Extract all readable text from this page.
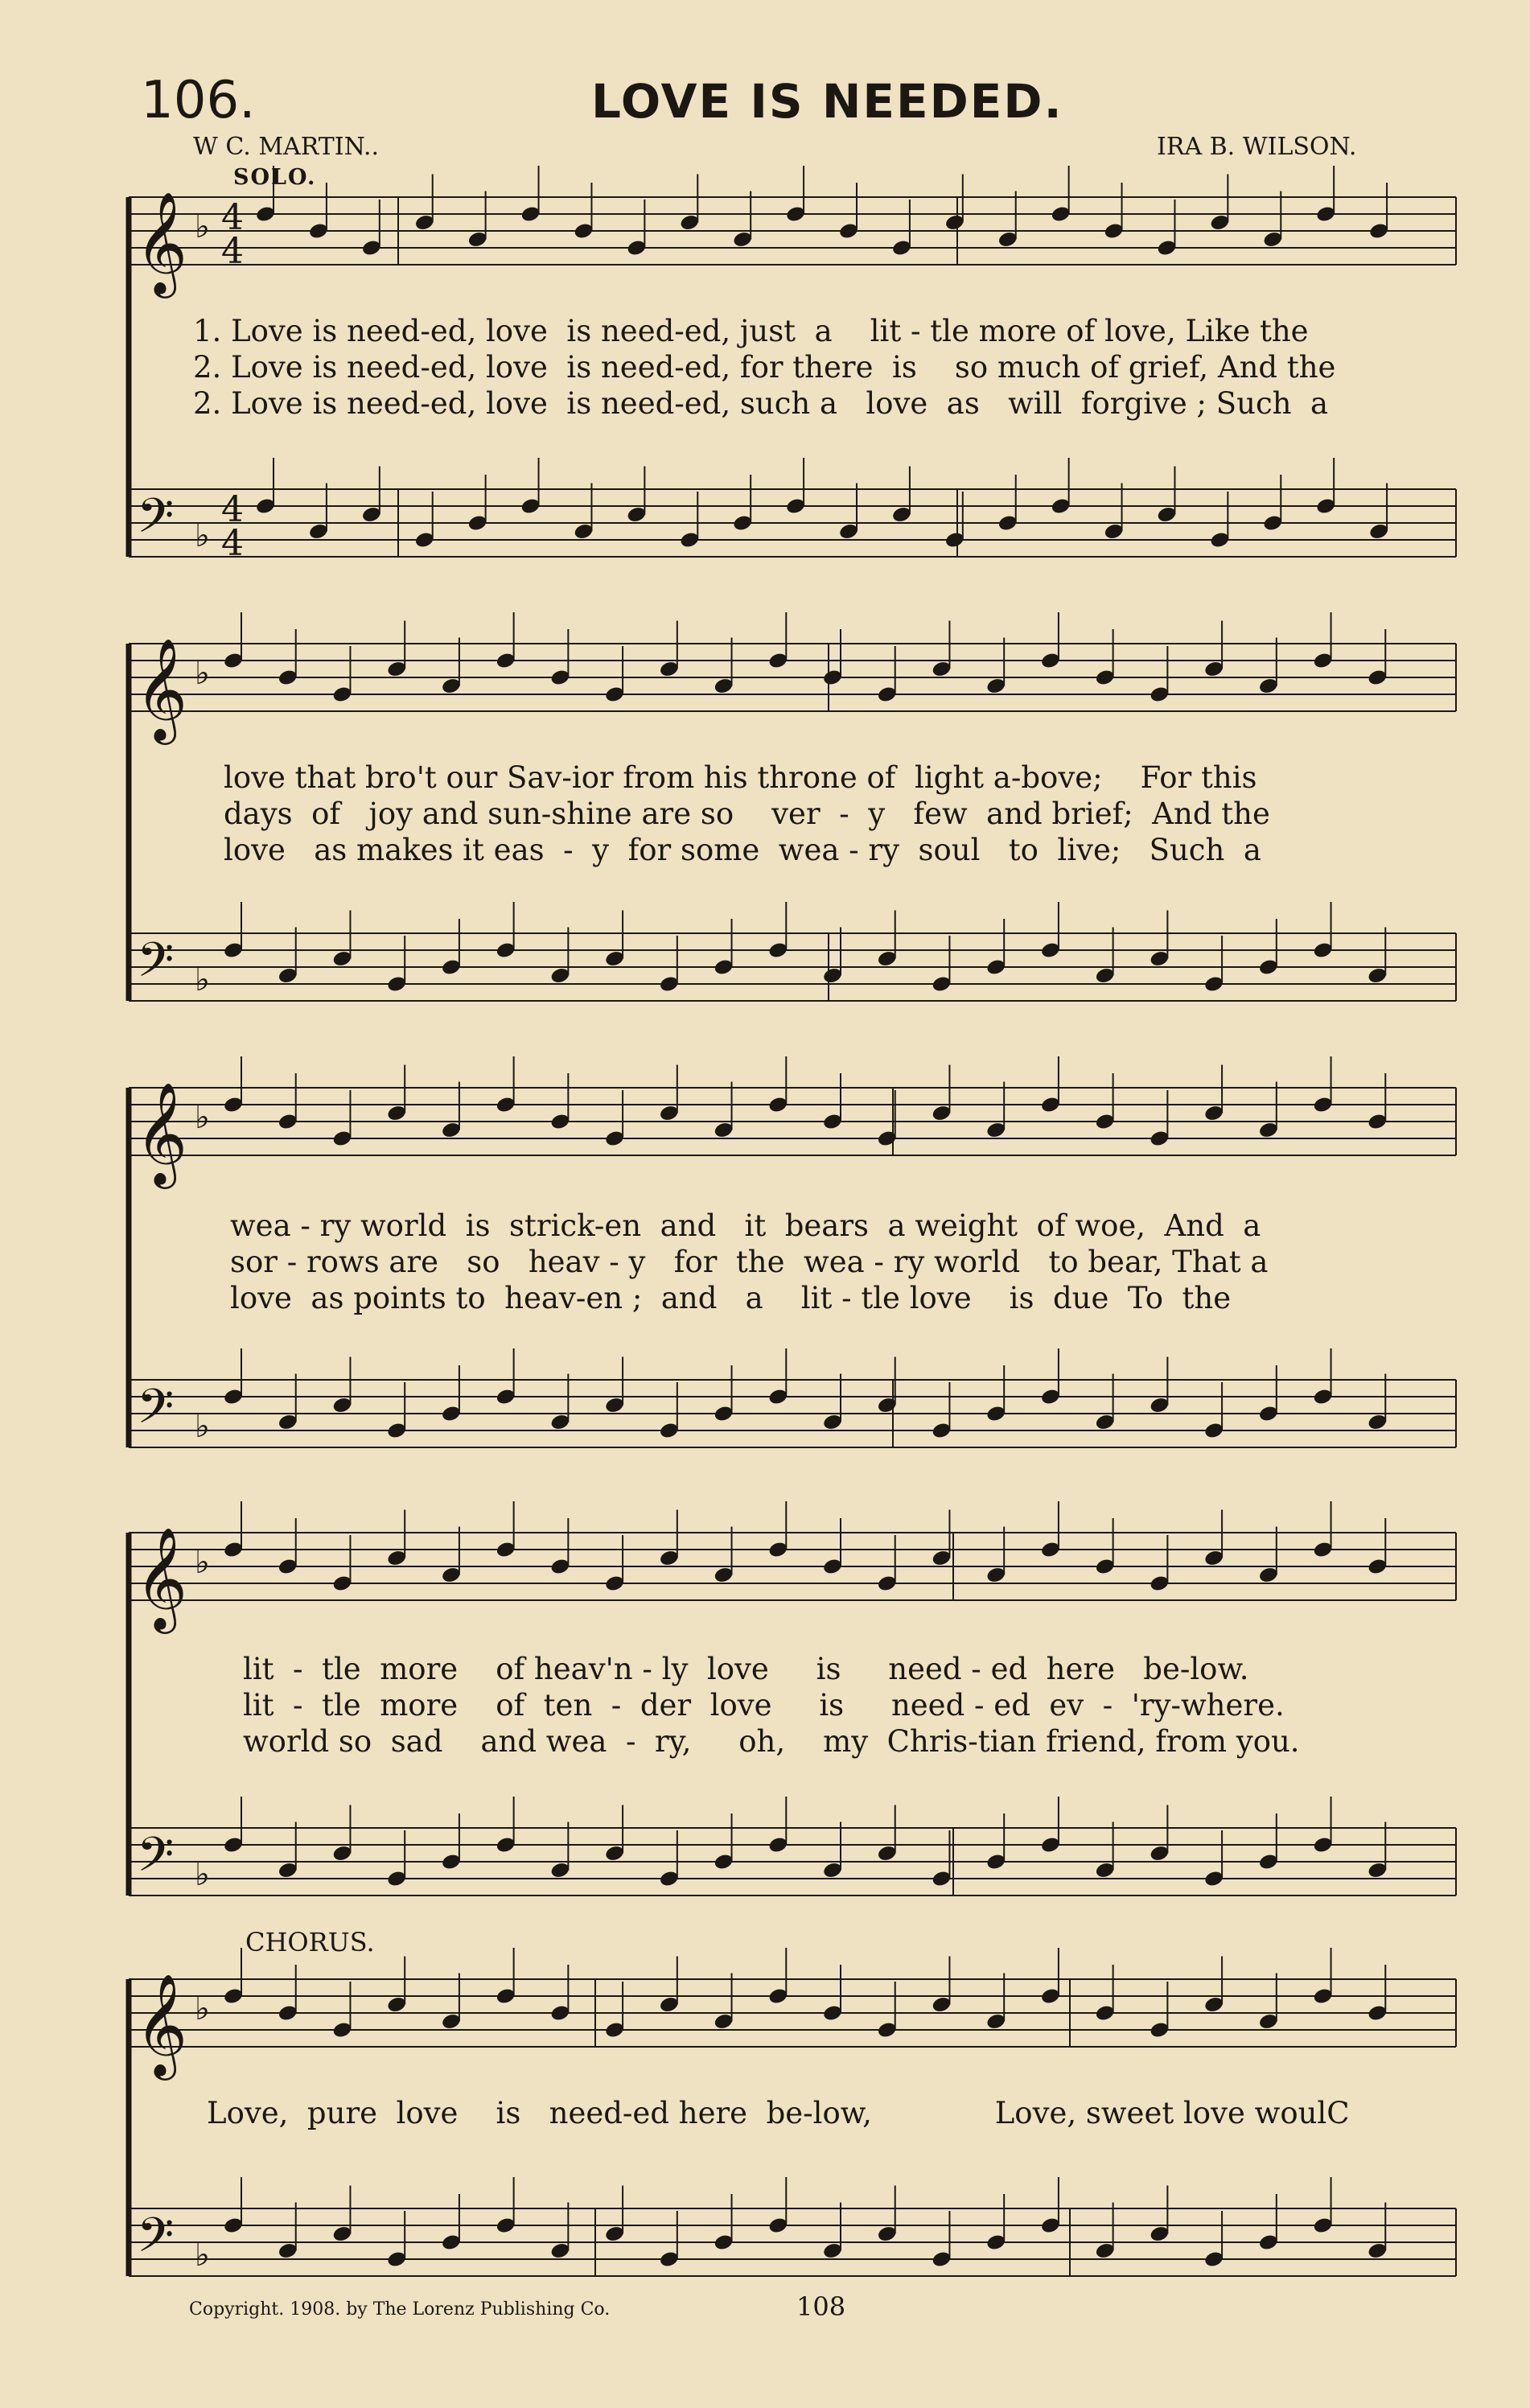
106.	LOVE IS NEEDED.
W C. MARTIN..	IRA B. WILSON.
SOLO.
𝄞 ♭
𝄢 ♭
4
4
4
4
𝄞 ♭
𝄢 ♭
𝄞 ♭
𝄢 ♭
𝄞 ♭
𝄢 ♭
𝄞 ♭
𝄢 ♭
1. Love is need-ed, love  is need-ed, just  a    lit - tle more of love, Like the
2. Love is need-ed, love  is need-ed, for there  is    so much of grief, And the
2. Love is need-ed, love  is need-ed, such a   love  as   will  forgive ; Such  a
love that bro't our Sav-ior from his throne of  light a-bove;    For this
days  of   joy and sun-shine are so    ver  -  y   few  and brief;  And the
love   as makes it eas  -  y  for some  wea - ry  soul   to  live;   Such  a
wea - ry world  is  strick-en  and   it  bears  a weight  of woe,  And  a
sor - rows are   so   heav - y   for  the  wea - ry world   to bear, That a
love  as points to  heav-en ;  and   a    lit - tle love    is  due  To  the
lit  -  tle  more    of heav'n - ly  love     is     need - ed  here   be-low.
lit  -  tle  more    of  ten  -  der  love     is     need - ed  ev  -  'ry-where.
world so  sad    and wea  -  ry,     oh,    my  Chris-tian friend, from you.
CHORUS.
Love,  pure  love    is   need-ed here  be-low,             Love, sweet love woulC
Copyright. 1908. by The Lorenz Publishing Co.	108
